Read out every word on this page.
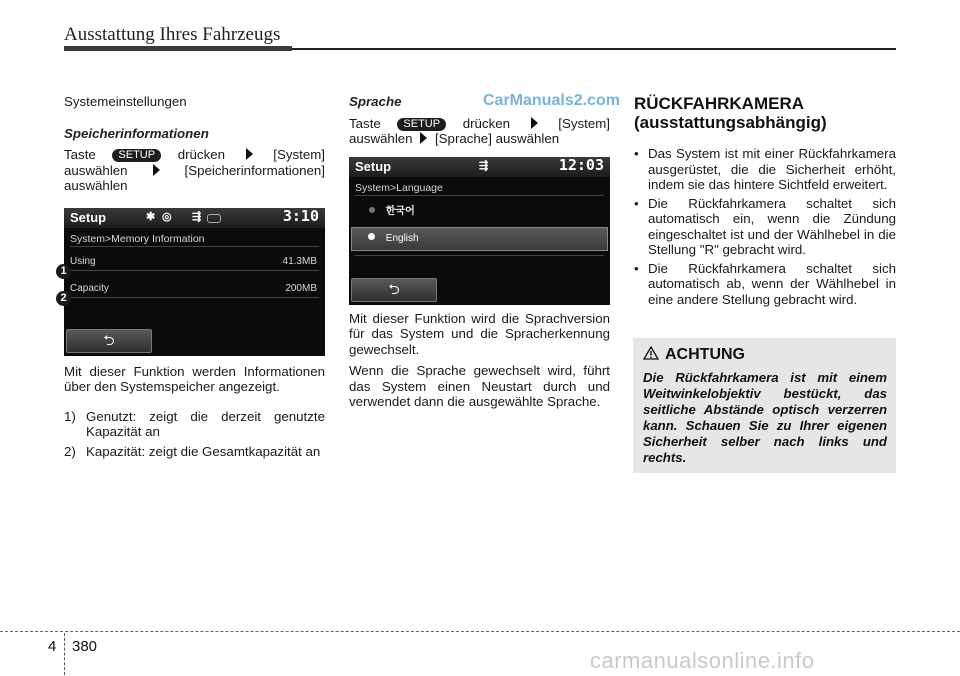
Ausstattung Ihres Fahrzeugs
CarManuals2.com

Systemeinstellungen

Speicherinformationen

Taste SETUP drücken	[System]

auswählen	[Speicherinformationen]

auswählen

Setup	✱ ◎ ⇶	3:10
System>Memory Information
Using	41.3MB
Capacity	200MB
⮌

Mit dieser Funktion werden Informationen über den Systemspeicher angezeigt.

1) Genutzt: zeigt die derzeit genutzte Kapazität an
2) Kapazität: zeigt die Gesamtkapazität an
1
2

Sprache

Taste SETUP drücken	[System]

auswählen [Sprache] auswählen

Setup	⇶	12:03
System>Language
한국어
English
⮌

Mit dieser Funktion wird die Sprachversion für das System und die Spracherkennung gewechselt.

Wenn die Sprache gewechselt wird, führt das System einen Neustart durch und verwendet dann die ausgewählte Sprache.

RÜCKFAHRKAMERA
(ausstattungsabhängig)
• Das System ist mit einer Rückfahrkamera ausgerüstet, die die Sicherheit erhöht, indem sie das hintere Sichtfeld erweitert.
• Die Rückfahrkamera schaltet sich automatisch ein, wenn die Zündung eingeschaltet ist und der Wählhebel in die Stellung "R" gebracht wird.
• Die Rückfahrkamera schaltet sich automatisch ab, wenn der Wählhebel in eine andere Stellung gebracht wird.
ACHTUNG
Die Rückfahrkamera ist mit einem Weitwinkelobjektiv bestückt, das seitliche Abstände optisch verzerren kann. Schauen Sie zu Ihrer eigenen Sicherheit selber nach links und rechts.
4 380
carmanualsonline.info
